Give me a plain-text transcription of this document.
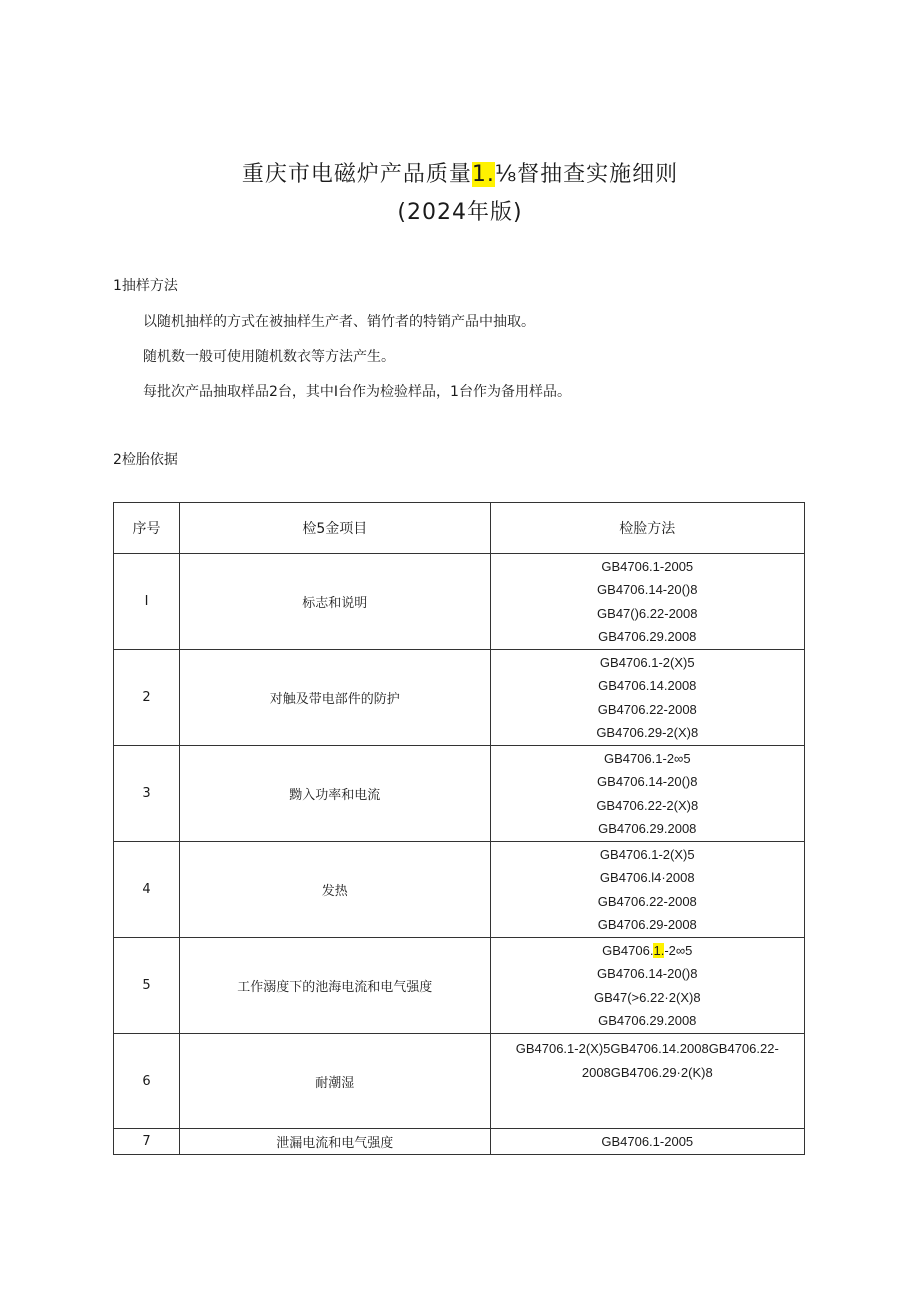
重庆市电磁炉产品质量1.⅛督抽查实施细则
(2024年版)
1抽样方法
以随机抽样的方式在被抽样生产者、销竹者的特销产品中抽取。
随机数一般可使用随机数衣等方法产生。
每批次产品抽取样品2台，其中I台作为检验样品，1台作为备用样品。
2检胎依据
序号	检5金项目	检脸方法
I	标志和说明	GB4706.1-2005
GB4706.14-20()8
GB47()6.22-2008
GB4706.29.2008

2	对触及带电部件的防护	GB4706.1-2(X)5
GB4706.14.2008
GB4706.22-2008
GB4706.29-2(X)8

3	黝入功率和电流	GB4706.1-2∞5
GB4706.14-20()8
GB4706.22-2(X)8
GB4706.29.2008

4	发热	GB4706.1-2(X)5
GB4706.l4·2008
GB4706.22-2008
GB4706.29-2008

5	工作溺度下的池海电流和电气强度	GB4706.1.-2∞5
GB4706.14-20()8
GB47(>6.22·2(X)8
GB4706.29.2008

6	耐潮湿	GB4706.1-2(X)5GB4706.14.2008GB4706.22-
2008GB4706.29·2(K)8

7	泄漏电流和电气强度	GB4706.1-2005
